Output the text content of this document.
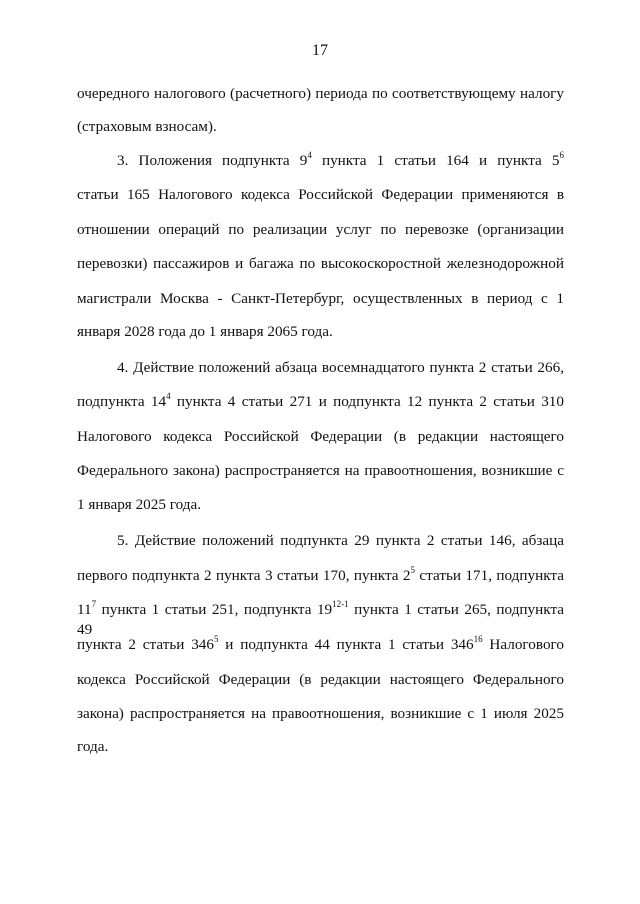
17
очередного налогового (расчетного) периода по соответствующему налогу
(страховым взносам).
3. Положения подпункта $9^4$ пункта 1 статьи 164 и пункта $5^6$
статьи 165 Налогового кодекса Российской Федерации применяются в
отношении операций по реализации услуг по перевозке (организации
перевозки) пассажиров и багажа по высокоскоростной железнодорожной
магистрали Москва - Санкт-Петербург, осуществленных в период с 1
января 2028 года до 1 января 2065 года.
4. Действие положений абзаца восемнадцатого пункта 2 статьи 266,
подпункта $14^4$ пункта 4 статьи 271 и подпункта 12 пункта 2 статьи 310
Налогового кодекса Российской Федерации (в редакции настоящего
Федерального закона) распространяется на правоотношения, возникшие с
1 января 2025 года.
5. Действие положений подпункта 29 пункта 2 статьи 146, абзаца
первого подпункта 2 пункта 3 статьи 170, пункта $2^5$ статьи 171, подпункта
$11^7$ пункта 1 статьи 251, подпункта 19$^{12-1}$ пункта 1 статьи 265, подпункта 49
пункта 2 статьи $346^5$ и подпункта 44 пункта 1 статьи $346^{16}$ Налогового
кодекса Российской Федерации (в редакции настоящего Федерального
закона) распространяется на правоотношения, возникшие с 1 июля 2025
года.
